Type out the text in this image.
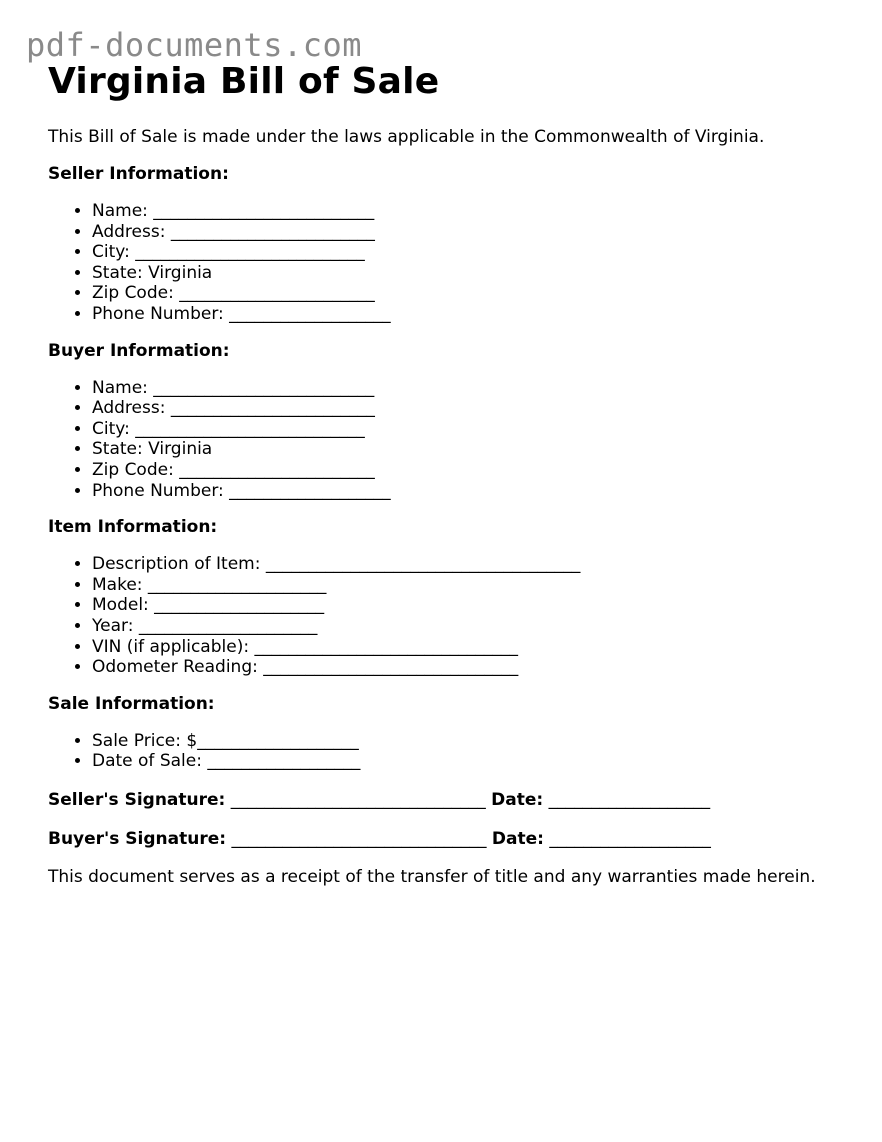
pdf-documents.com
Virginia Bill of Sale

This Bill of Sale is made under the laws applicable in the Commonwealth of Virginia.

Seller Information:

• Name: __________________________
• Address: ________________________
• City: ___________________________
• State: Virginia
• Zip Code: _______________________
• Phone Number: ___________________

Buyer Information:

• Name: __________________________
• Address: ________________________
• City: ___________________________
• State: Virginia
• Zip Code: _______________________
• Phone Number: ___________________

Item Information:

• Description of Item: _____________________________________
• Make: _____________________
• Model: ____________________
• Year: _____________________
• VIN (if applicable): _______________________________
• Odometer Reading: ______________________________

Sale Information:

• Sale Price: $___________________
• Date of Sale: __________________

Seller's Signature: ______________________________ Date: ___________________

Buyer's Signature: ______________________________ Date: ___________________

This document serves as a receipt of the transfer of title and any warranties made herein.
